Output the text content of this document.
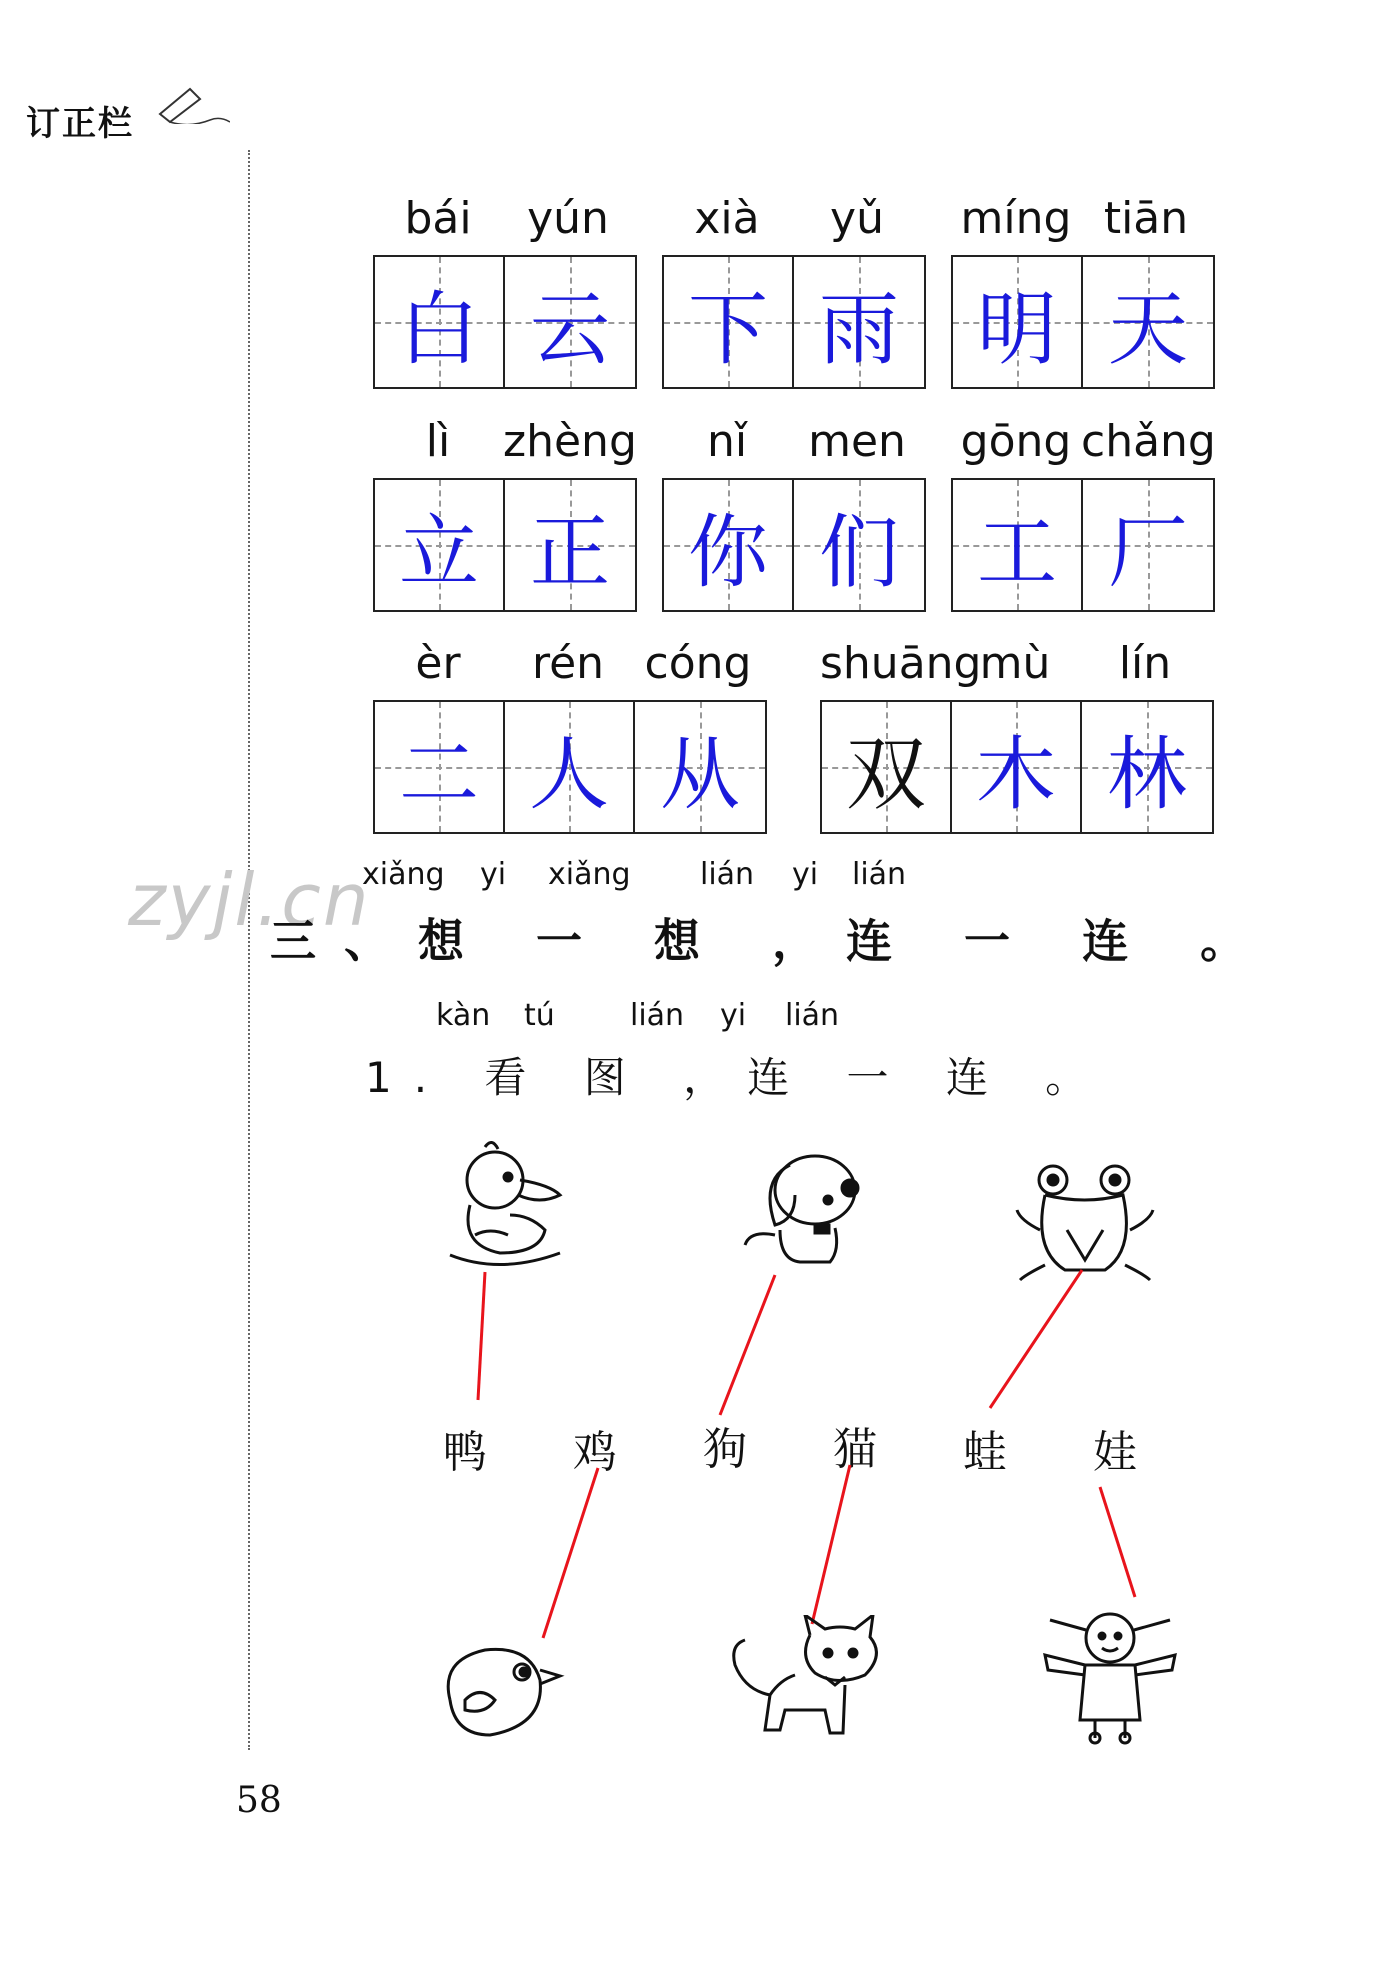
订正栏
bái	yún
白 云
xià	yǔ
下 雨
míng tiān
明 天
lì	zhèng
立 正
nǐ	men
你 们
gōng chǎng
工 厂
èr	rén cóng
二 人 从
shuāng
mù	lín
双 木 林
zyjl.cn
xiǎng yi xiǎng lián yi lián
三、想 一 想 ，连 一 连 。
kàn tú	lián yi lián
1. 看 图 ，连 一 连 。
鸭 鸡 狗 猫 蛙 娃
58
